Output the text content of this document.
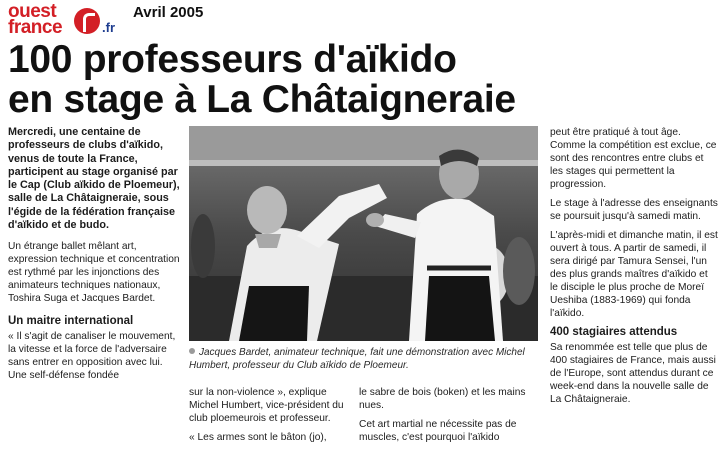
ouest
france	.fr
Avril 2005
100 professeurs d'aïkido
en stage à La Châtaigneraie

Mercredi, une centaine de professeurs de clubs d'aïkido, venus de toute la France, participent au stage organisé par le Cap (Club aïkido de Ploemeur), salle de La Châtaigneraie, sous l'égide de la fédération française d'aïkido et de budo.

Un étrange ballet mêlant art, expression technique et concentration est rythmé par les injonctions des animateurs techniques nationaux, Toshira Suga et Jacques Bardet.

Un maitre international

« Il s'agit de canaliser le mouvement, la vitesse et la force de l'adversaire sans entrer en opposition avec lui. Une self-défense fondée

Jacques Bardet, animateur technique, fait une démonstration avec Michel Humbert, professeur du Club aïkido de Ploemeur.

sur la non-violence », explique Michel Humbert, vice-président du club ploemeurois et professeur.

« Les armes sont le bâton (jo),

le sabre de bois (boken) et les mains nues.

Cet art martial ne nécessite pas de muscles, c'est pourquoi l'aïkido

peut être pratiqué à tout âge. Comme la compétition est exclue, ce sont des rencontres entre clubs et les stages qui permettent la progression.

Le stage à l'adresse des enseignants se poursuit jusqu'à samedi matin.

L'après-midi et dimanche matin, il est ouvert à tous. A partir de samedi, il sera dirigé par Tamura Sensei, l'un des plus grands maîtres d'aïkido et le disciple le plus proche de Moreï Ueshiba (1883-1969) qui fonda l'aïkido.

400 stagiaires attendus

Sa renommée est telle que plus de 400 stagiaires de France, mais aussi de l'Europe, sont attendus durant ce week-end dans la nouvelle salle de La Châtaigneraie.
